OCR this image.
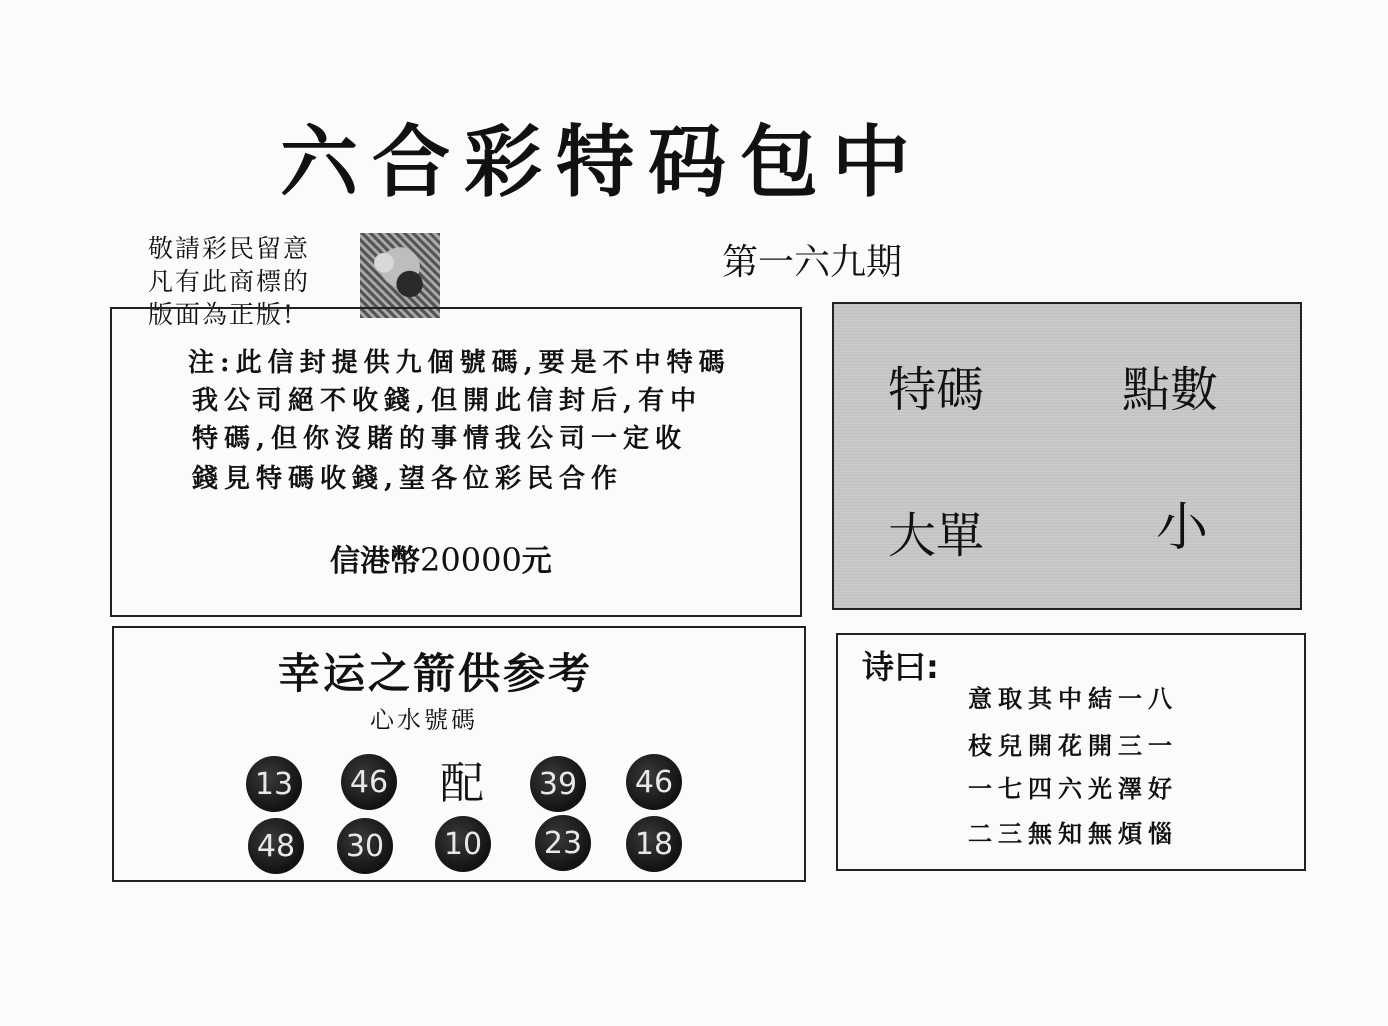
六合彩特码包中
敬請彩民留意
凡有此商標的
版面為正版!
第一六九期
注:此信封提供九個號碼,要是不中特碼
我公司絕不收錢,但開此信封后,有中
特碼,但你沒賭的事情我公司一定收
錢見特碼收錢,望各位彩民合作
信港幣20000元
特碼	點數
大單	小
幸运之箭供参考
心水號碼
13 46 配 39 46
48 30 10 23 18
诗曰:
意取其中結一八
枝兒開花開三一
一七四六光澤好
二三無知無煩惱
